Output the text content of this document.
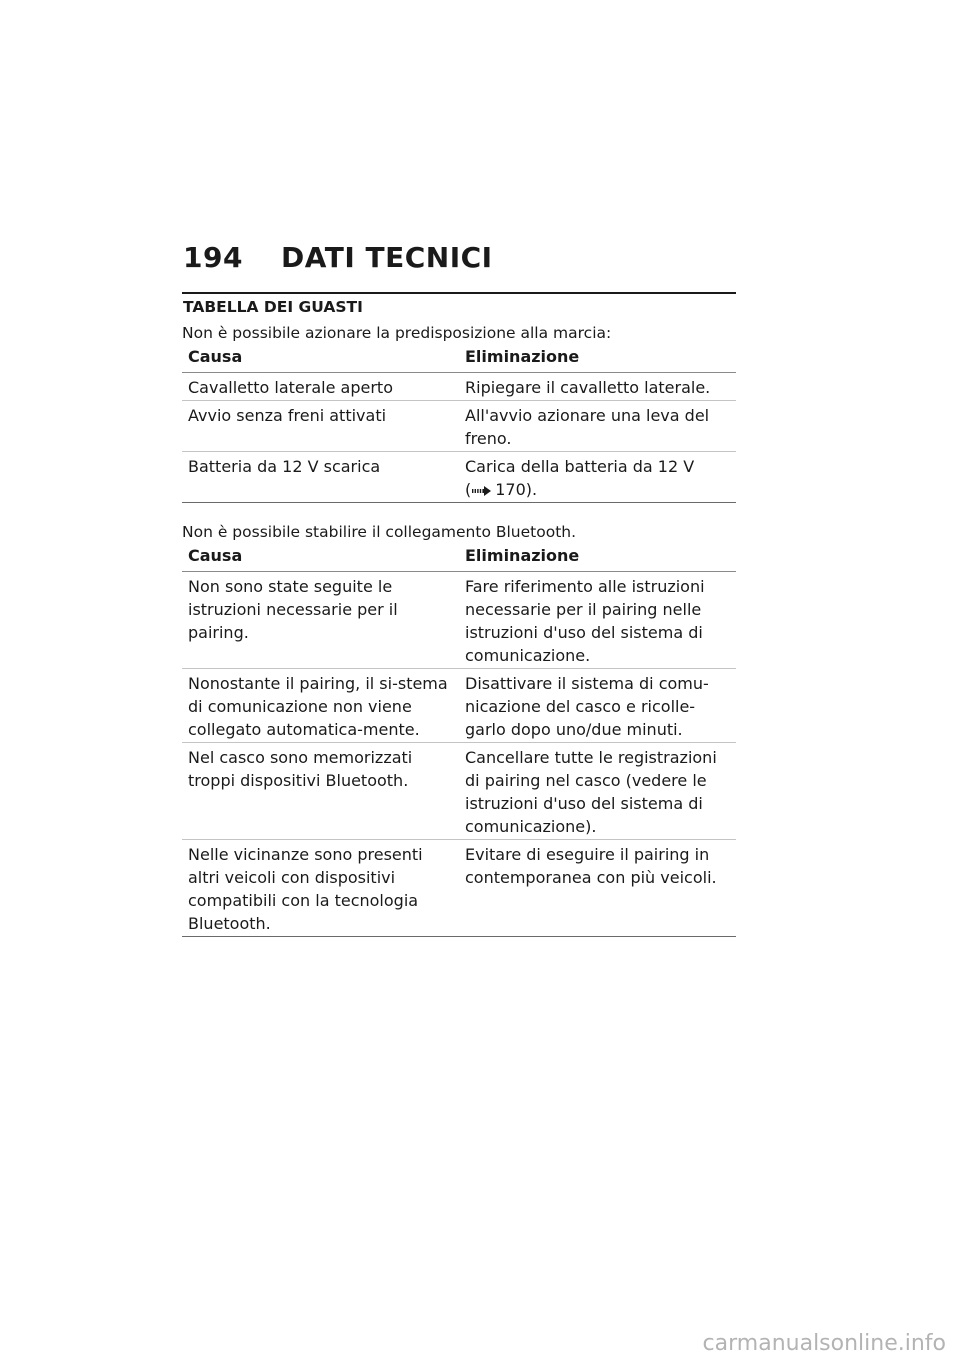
194	DATI TECNICI
TABELLA DEI GUASTI

Non è possibile azionare la predisposizione alla marcia:

Causa	Eliminazione
Cavalletto laterale aperto	Ripiegare il cavalletto laterale.
Avvio senza freni attivati	All'avvio azionare una leva del freno.
Batteria da 12 V scarica	Carica della batteria da 12 V
( 170).

Non è possibile stabilire il collegamento Bluetooth.

Causa	Eliminazione
Non sono state seguite le istruzioni necessarie per il pairing.	Fare riferimento alle istruzioni necessarie per il pairing nelle istruzioni d'uso del sistema di comunicazione.
Nonostante il pairing, il si-stema di comunicazione non viene collegato automatica-mente.	Disattivare il sistema di comu-nicazione del casco e ricolle-garlo dopo uno/due minuti.
Nel casco sono memorizzati troppi dispositivi Bluetooth.	Cancellare tutte le registrazioni di pairing nel casco (vedere le istruzioni d'uso del sistema di comunicazione).
Nelle vicinanze sono presenti altri veicoli con dispositivi compatibili con la tecnologia Bluetooth.	Evitare di eseguire il pairing in contemporanea con più veicoli.
carmanualsonline.info
